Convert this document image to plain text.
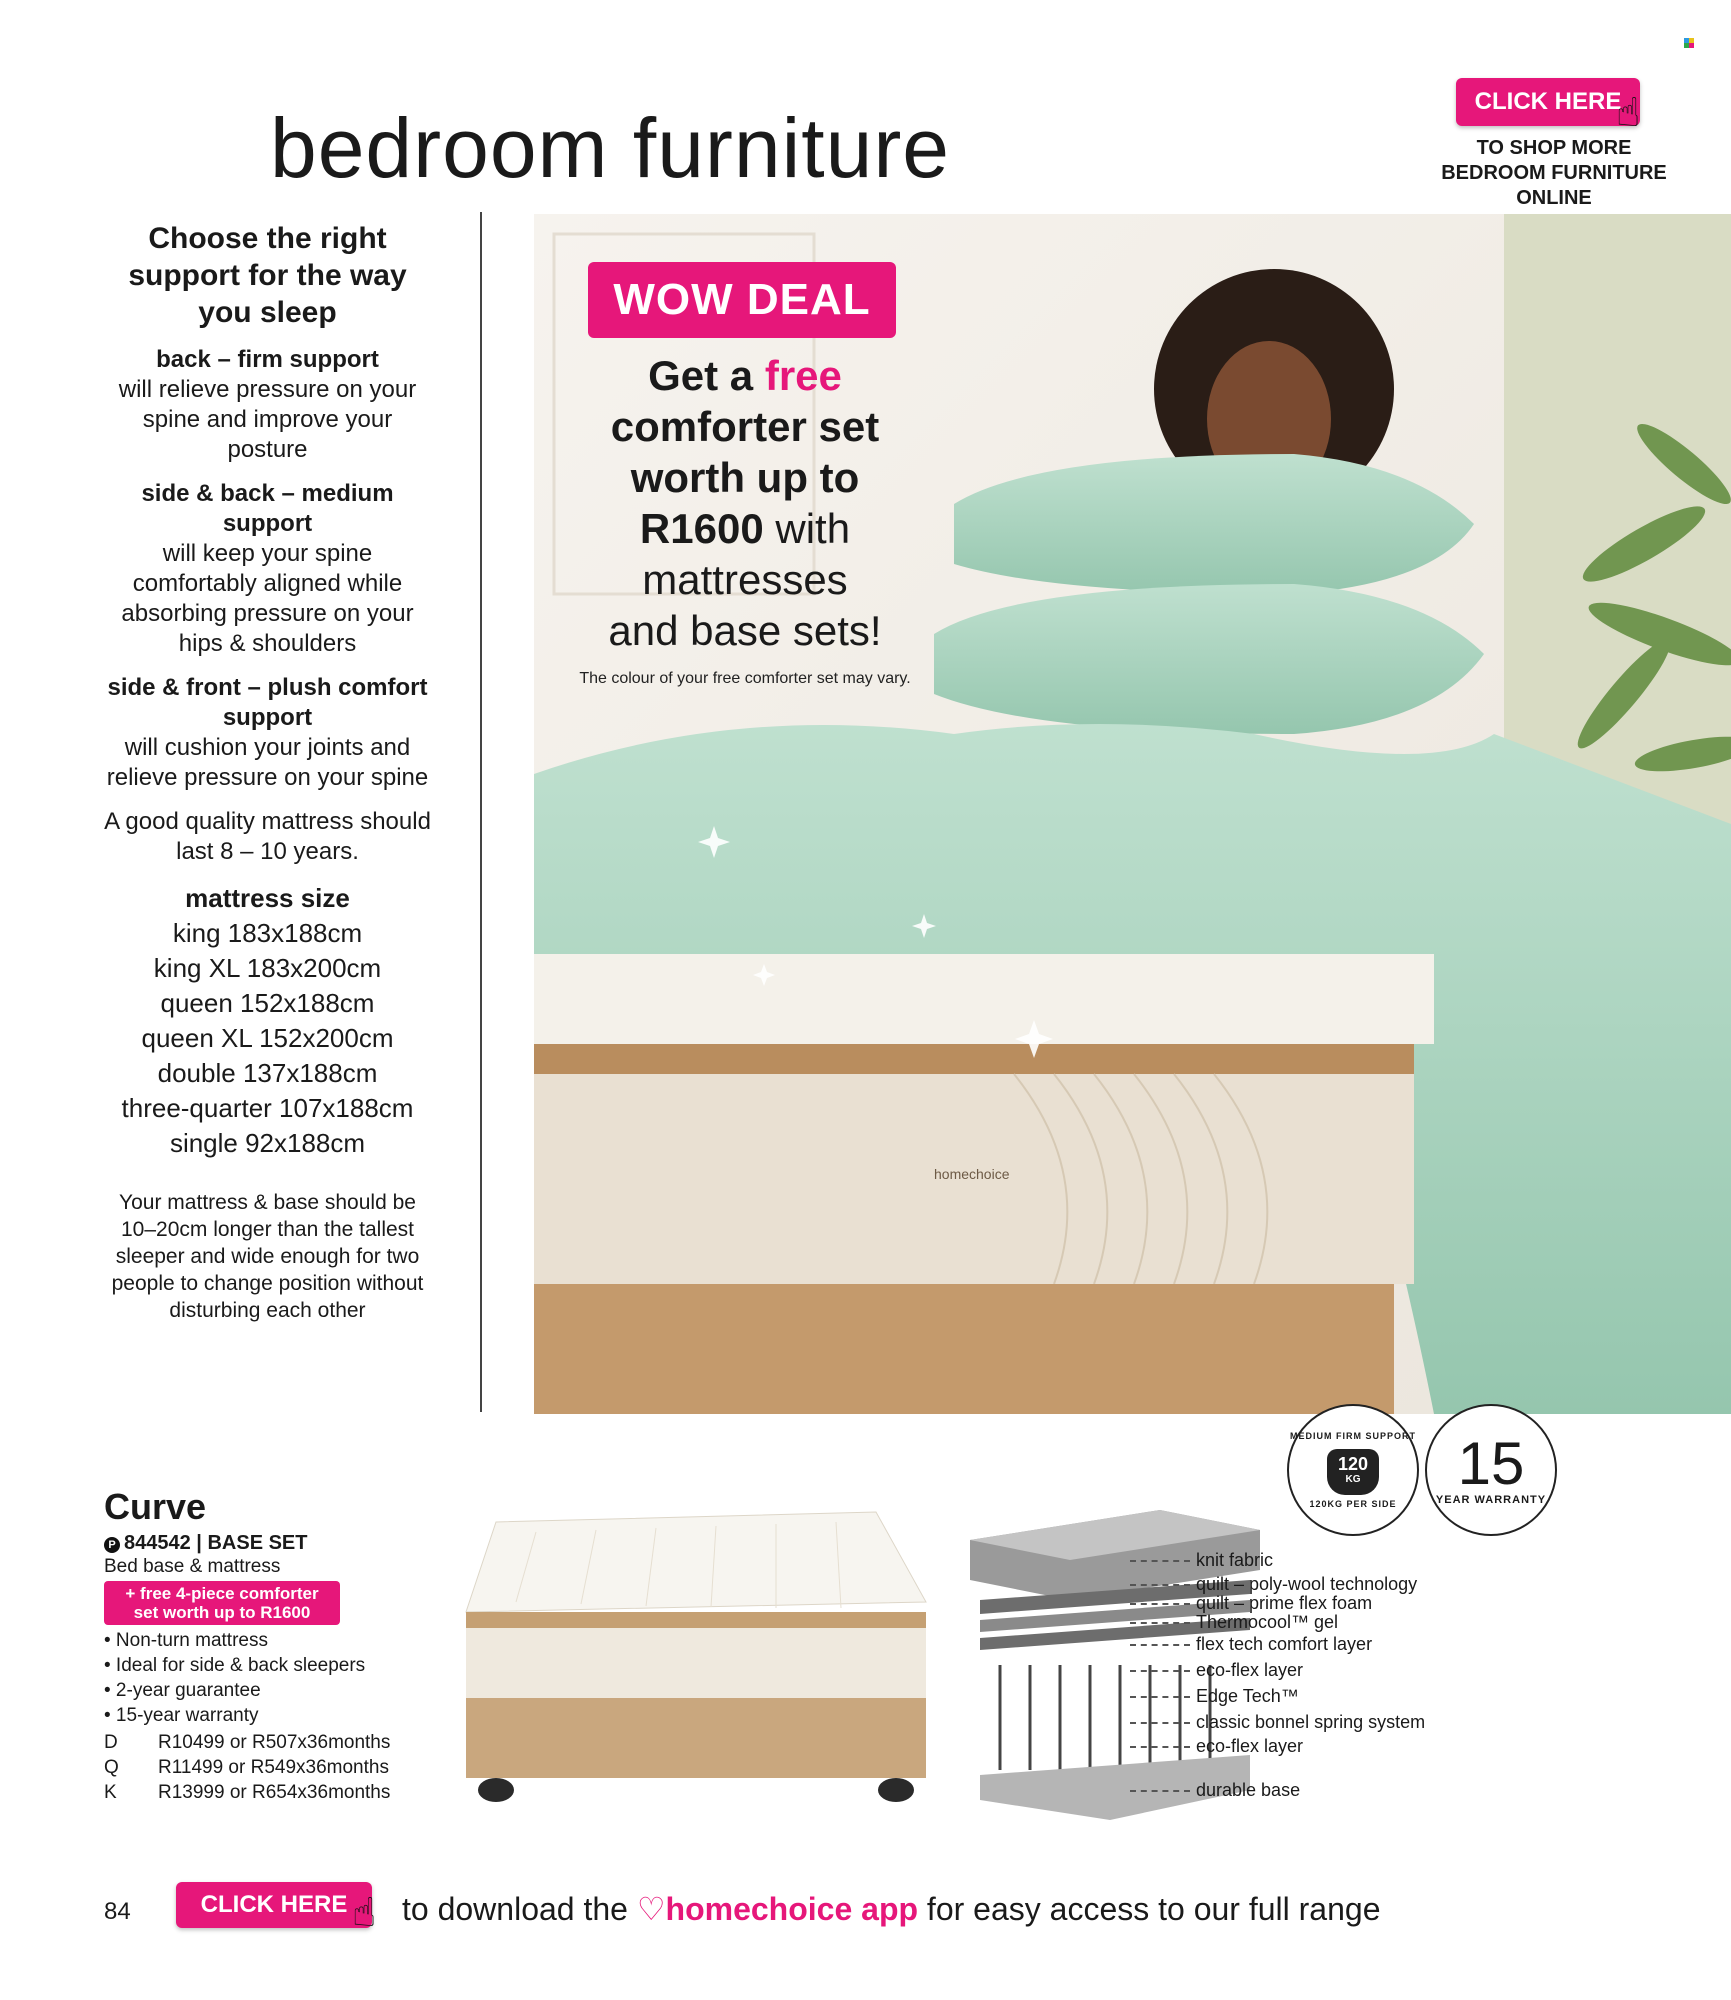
bedroom furniture	CLICK HERE
☝
TO SHOP MORE
BEDROOM FURNITURE
ONLINE
Choose the right support for the way you sleep
back – firm support
will relieve pressure on your spine and improve your posture
side & back – medium support
will keep your spine comfortably aligned while absorbing pressure on your hips & shoulders
side & front – plush comfort support
will cushion your joints and relieve pressure on your spine
A good quality mattress should last 8 – 10 years.
mattress size
king 183x188cm
king XL 183x200cm
queen 152x188cm
queen XL 152x200cm
double 137x188cm
three-quarter 107x188cm
single 92x188cm
Your mattress & base should be 10–20cm longer than the tallest sleeper and wide enough for two people to change position without disturbing each other
homechoice
WOW DEAL
Get a free
comforter set
worth up to
R1600 with
mattresses
and base sets!
The colour of your free comforter set may vary.
MEDIUM FIRM SUPPORT
120
KG
120KG PER SIDE
15
YEAR WARRANTY
Curve
P 844542 | BASE SET
Bed base & mattress
+ free 4-piece comforter
set worth up to R1600
• Non-turn mattress
• Ideal for side & back sleepers
• 2-year guarantee
• 15-year warranty
D R10499 or R507x36months
Q R11499 or R549x36months
K R13999 or R654x36months
knit fabric
quilt – poly-wool technology
quilt – prime flex foam
Thermocool™ gel
flex tech comfort layer
eco-flex layer
Edge Tech™
classic bonnel spring system
eco-flex layer
durable base
84	CLICK HERE ☝ to download the ♡homechoice app for easy access to our full range
